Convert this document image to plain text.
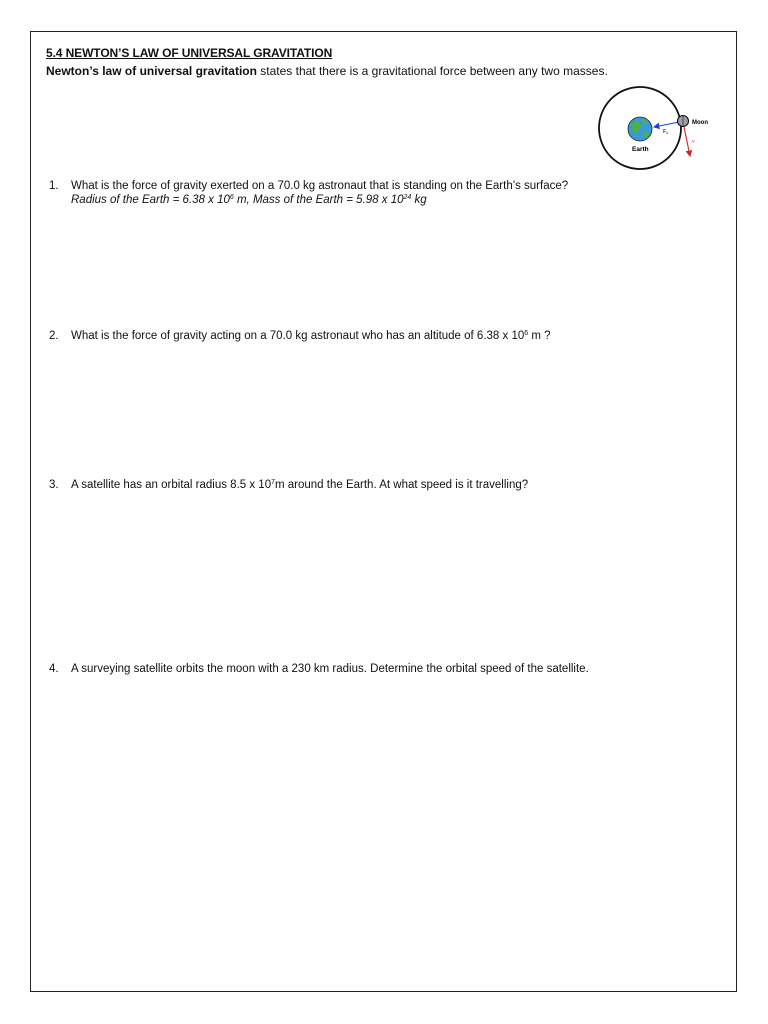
5.4 NEWTON’S LAW OF UNIVERSAL GRAVITATION
Newton’s law of universal gravitation states that there is a gravitational force between any two masses.
Earth
Fc
Moon
v
1. What is the force of gravity exerted on a 70.0 kg astronaut that is standing on the Earth’s surface?
Radius of the Earth = 6.38 x $10^6$ m, Mass of the Earth = 5.98 x $10^{24}$ kg
2. What is the force of gravity acting on a 70.0 kg astronaut who has an altitude of 6.38 x $10^6$ m ?
3. A satellite has an orbital radius 8.5 x $10^7m$ around the Earth. At what speed is it travelling?
4. A surveying satellite orbits the moon with a 230 km radius. Determine the orbital speed of the satellite.
